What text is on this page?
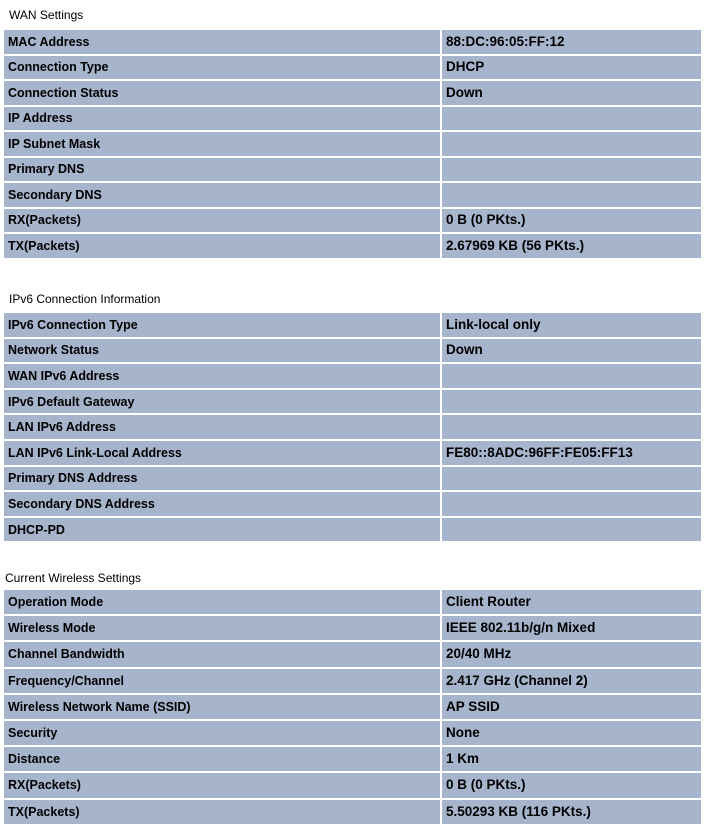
WAN Settings
MAC Address	88:DC:96:05:FF:12
Connection Type	DHCP
Connection Status	Down
IP Address	
IP Subnet Mask	
Primary DNS	
Secondary DNS	
RX(Packets)	0 B (0 PKts.)
TX(Packets)	2.67969 KB (56 PKts.)
IPv6 Connection Information
IPv6 Connection Type	Link-local only
Network Status	Down
WAN IPv6 Address	
IPv6 Default Gateway	
LAN IPv6 Address	
LAN IPv6 Link-Local Address	FE80::8ADC:96FF:FE05:FF13
Primary DNS Address	
Secondary DNS Address	
DHCP-PD	
Current Wireless Settings
Operation Mode	Client Router
Wireless Mode	IEEE 802.11b/g/n Mixed
Channel Bandwidth	20/40 MHz
Frequency/Channel	2.417 GHz (Channel 2)
Wireless Network Name (SSID)	AP SSID
Security	None
Distance	1 Km
RX(Packets)	0 B (0 PKts.)
TX(Packets)	5.50293 KB (116 PKts.)
